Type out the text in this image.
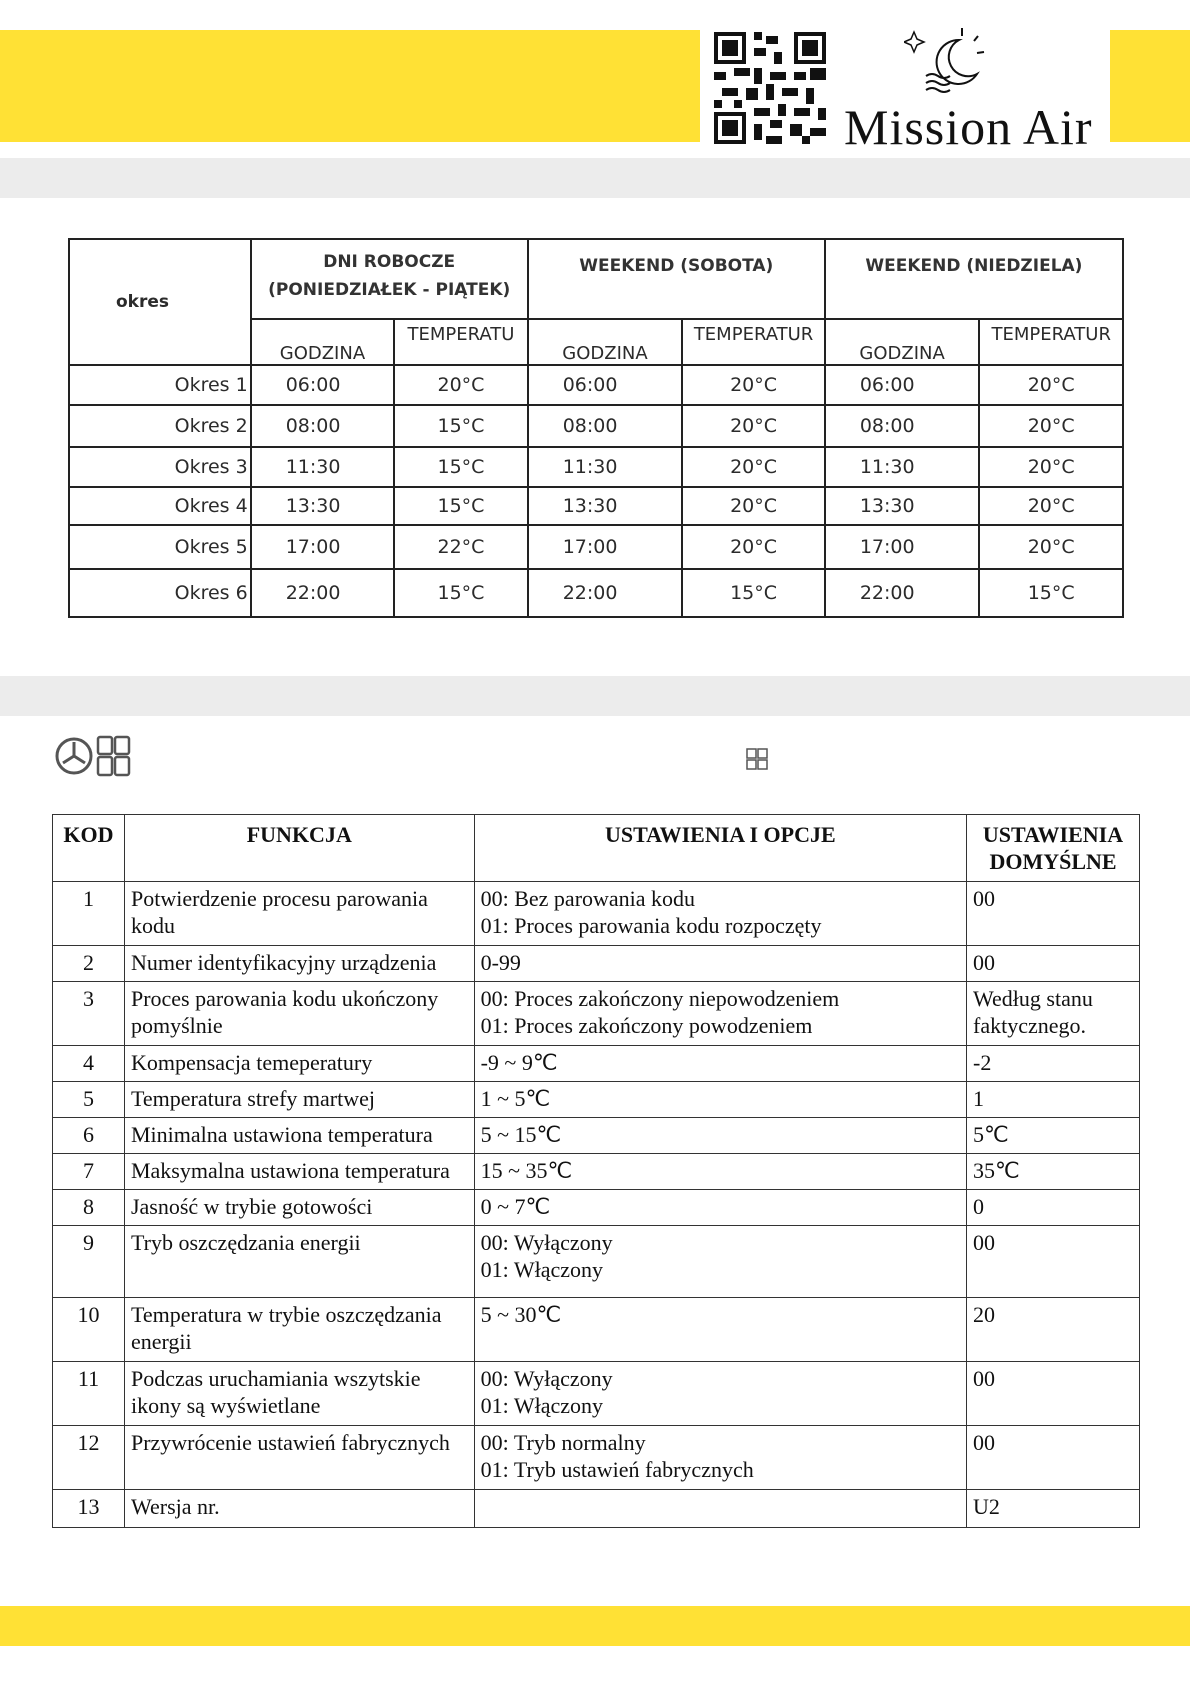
Mission Air
okres	DNI ROBOCZE
(PONIEDZIAŁEK - PIĄTEK)		WEEKEND (SOBOTA)		WEEKEND (NIEDZIELA)	

	GODZINA	TEMPERATU	GODZINA	TEMPERATUR	GODZINA	TEMPERATUR
Okres 1	06:00	20°C	06:00	20°C	06:00	20°C
Okres 2	08:00	15°C	08:00	20°C	08:00	20°C
Okres 3	11:30	15°C	11:30	20°C	11:30	20°C
Okres 4	13:30	15°C	13:30	20°C	13:30	20°C
Okres 5	17:00	22°C	17:00	20°C	17:00	20°C
Okres 6	22:00	15°C	22:00	15°C	22:00	15°C
KOD	FUNKCJA	USTAWIENIA I OPCJE	USTAWIENIA DOMYŚLNE
1	Potwierdzenie procesu parowania kodu	00: Bez parowania kodu
01: Proces parowania kodu rozpoczęty	00
2	Numer identyfikacyjny urządzenia	0-99	00
3	Proces parowania kodu ukończony pomyślnie	00: Proces zakończony niepowodzeniem
01: Proces zakończony powodzeniem	Według stanu faktycznego.
4	Kompensacja temeperatury	-9 ~ 9℃	-2
5	Temperatura strefy martwej	1 ~ 5℃	1
6	Minimalna ustawiona temperatura	5 ~ 15℃	5℃
7	Maksymalna ustawiona temperatura	15 ~ 35℃	35℃
8	Jasność w trybie gotowości	0 ~ 7℃	0
9	Tryb oszczędzania energii	00: Wyłączony
01: Włączony	00
10	Temperatura w trybie oszczędzania energii	5 ~ 30℃	20
11	Podczas uruchamiania wszytskie ikony są wyświetlane	00: Wyłączony
01: Włączony	00
12	Przywrócenie ustawień fabrycznych	00: Tryb normalny
01: Tryb ustawień fabrycznych	00
13	Wersja nr.		U2
